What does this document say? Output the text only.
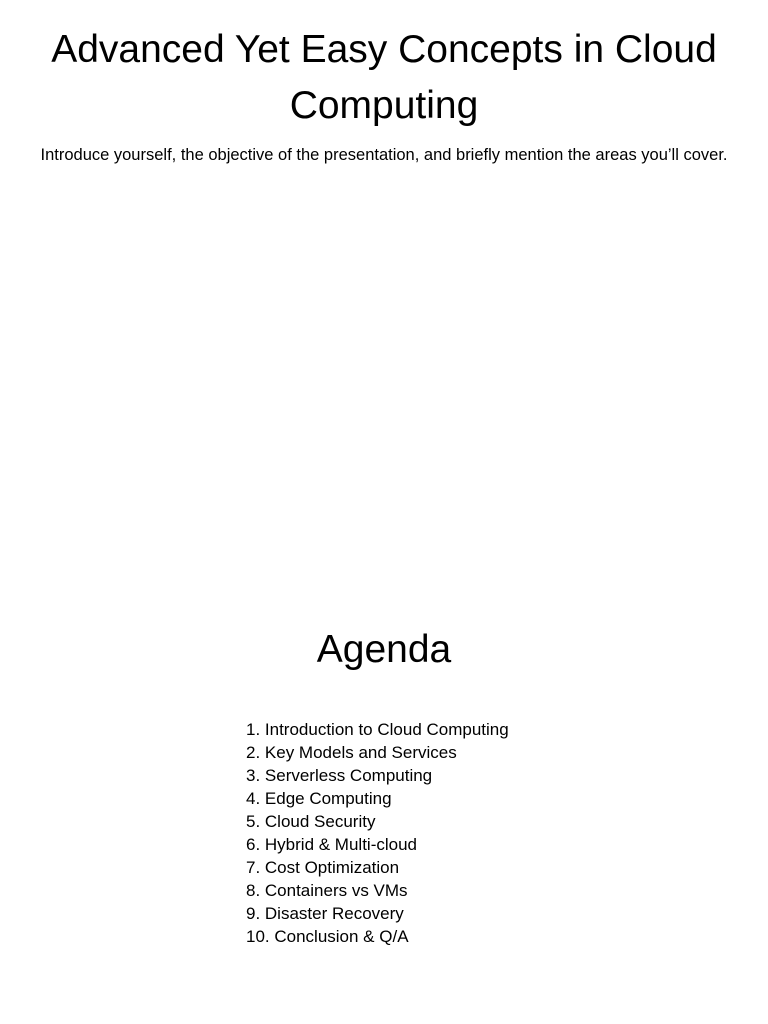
Advanced Yet Easy Concepts in Cloud Computing

Introduce yourself, the objective of the presentation, and briefly mention the areas you’ll cover.

Agenda
1. Introduction to Cloud Computing
2. Key Models and Services
3. Serverless Computing
4. Edge Computing
5. Cloud Security
6. Hybrid & Multi-cloud
7. Cost Optimization
8. Containers vs VMs
9. Disaster Recovery
10. Conclusion & Q/A
